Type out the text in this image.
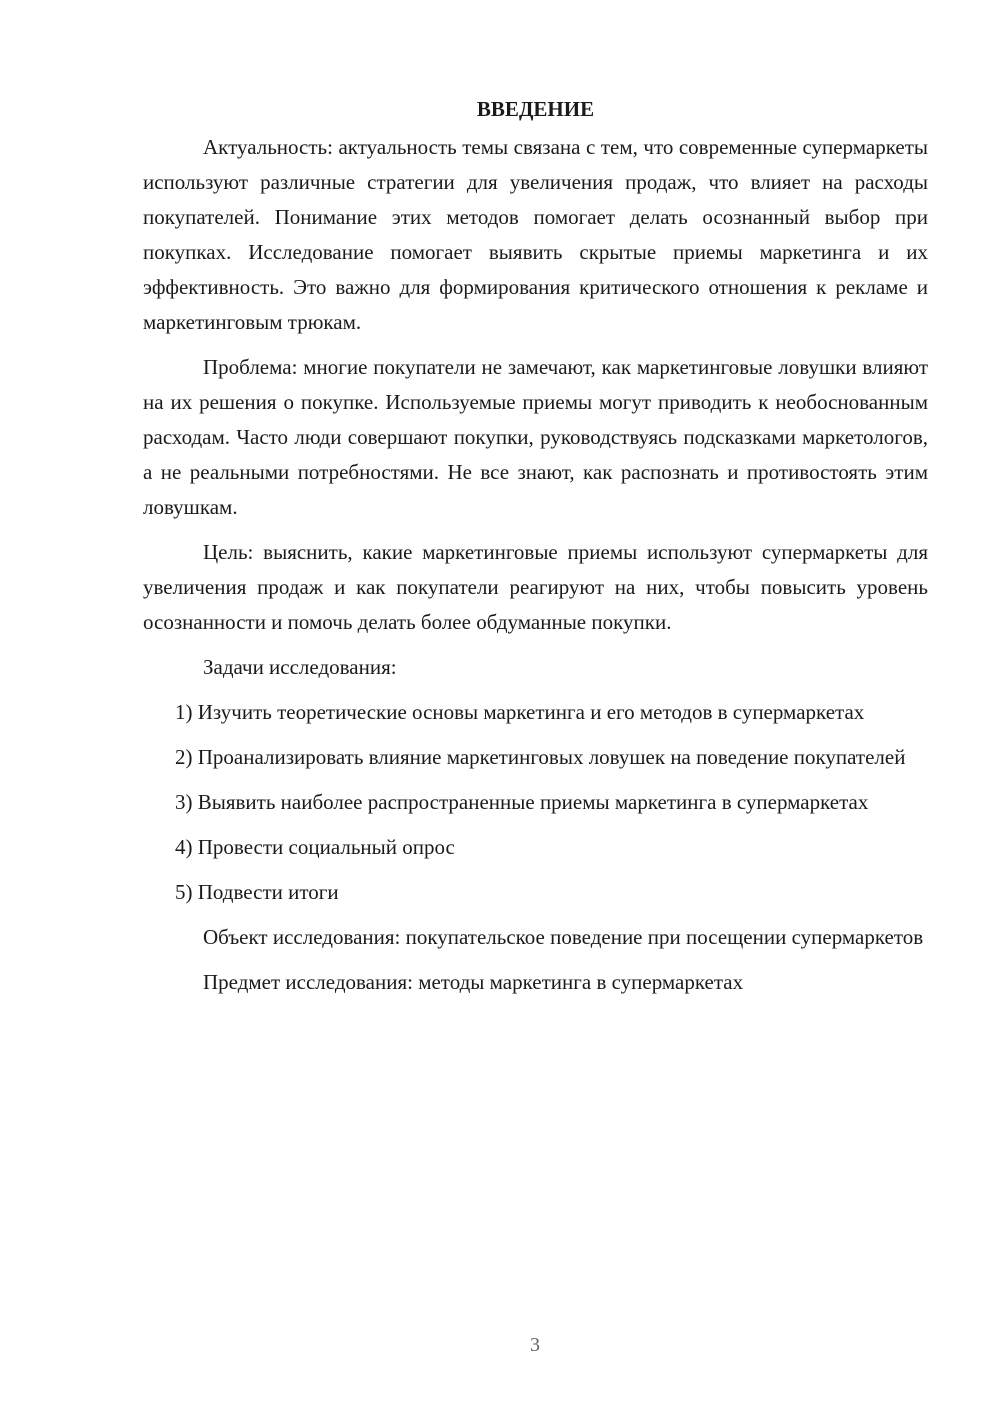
ВВЕДЕНИЕ

Актуальность: актуальность темы связана с тем, что современные супермаркеты используют различные стратегии для увеличения продаж, что влияет на расходы покупателей. Понимание этих методов помогает делать осознанный выбор при покупках. Исследование помогает выявить скрытые приемы маркетинга и их эффективность. Это важно для формирования критического отношения к рекламе и маркетинговым трюкам.

Проблема: многие покупатели не замечают, как маркетинговые ловушки влияют на их решения о покупке. Используемые приемы могут приводить к необоснованным расходам. Часто люди совершают покупки, руководствуясь подсказками маркетологов, а не реальными потребностями. Не все знают, как распознать и противостоять этим ловушкам.

Цель: выяснить, какие маркетинговые приемы используют супермаркеты для увеличения продаж и как покупатели реагируют на них, чтобы повысить уровень осознанности и помочь делать более обдуманные покупки.

Задачи исследования:

1) Изучить теоретические основы маркетинга и его методов в супермаркетах

2) Проанализировать влияние маркетинговых ловушек на поведение покупателей

3) Выявить наиболее распространенные приемы маркетинга в супермаркетах

4) Провести социальный опрос

5) Подвести итоги

Объект исследования: покупательское поведение при посещении супермаркетов

Предмет исследования: методы маркетинга в супермаркетах

3
